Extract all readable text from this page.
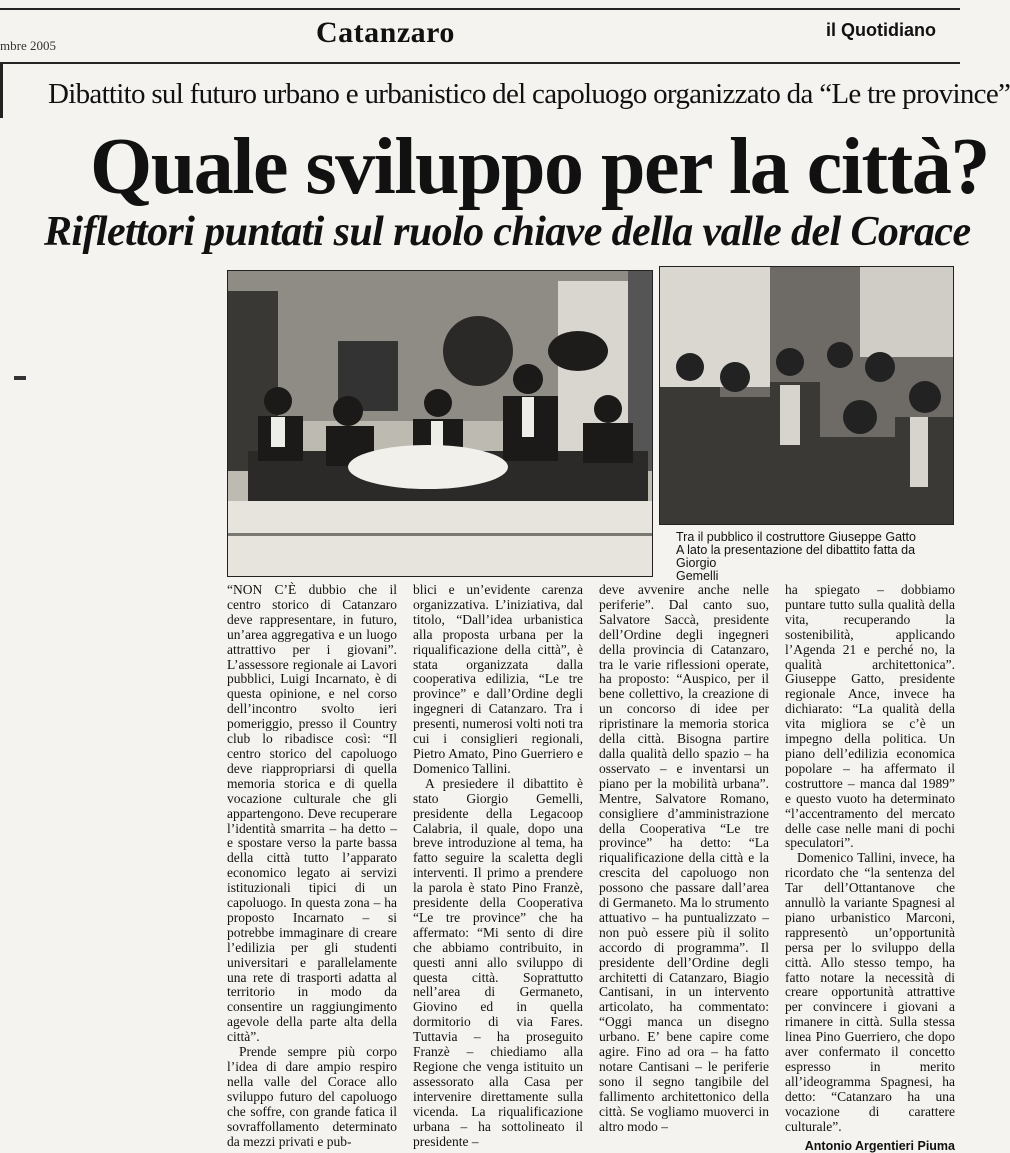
mbre 2005	Catanzaro	il Quotidiano
Dibattito sul futuro urbano e urbanistico del capoluogo organizzato da “Le tre province”
Quale sviluppo per la città?
Riflettori puntati sul ruolo chiave della valle del Corace
Tra il pubblico il costruttore Giuseppe Gatto
A lato la presentazione del dibattito fatta da Giorgio
Gemelli

“NON C’È dubbio che il centro storico di Catanzaro deve rappresentare, in futuro, un’area aggregativa e un luogo attrattivo per i giovani”. L’assessore regionale ai Lavori pubblici, Luigi Incarnato, è di questa opinione, e nel corso dell’incontro svolto ieri pomeriggio, presso il Country club lo ribadisce così: “Il centro storico del capoluogo deve riappropriarsi di quella memoria storica e di quella vocazione culturale che gli appartengono. Deve recuperare l’identità smarrita – ha detto – e spostare verso la parte bassa della città tutto l’apparato economico legato ai servizi istituzionali tipici di un capoluogo. In questa zona – ha proposto Incarnato – si potrebbe immaginare di creare l’edilizia per gli studenti universitari e parallelamente una rete di trasporti adatta al territorio in modo da consentire un raggiungimento agevole della parte alta della città”.

Prende sempre più corpo l’idea di dare ampio respiro nella valle del Corace allo sviluppo futuro del capoluogo che soffre, con grande fatica il sovraffollamento determinato da mezzi privati e pub-

blici e un’evidente carenza organizzativa. L’iniziativa, dal titolo, “Dall’idea urbanistica alla proposta urbana per la riqualificazione della città”, è stata organizzata dalla cooperativa edilizia, “Le tre province” e dall’Ordine degli ingegneri di Catanzaro. Tra i presenti, numerosi volti noti tra cui i consiglieri regionali, Pietro Amato, Pino Guerriero e Domenico Tallini.

A presiedere il dibattito è stato Giorgio Gemelli, presidente della Legacoop Calabria, il quale, dopo una breve introduzione al tema, ha fatto seguire la scaletta degli interventi. Il primo a prendere la parola è stato Pino Franzè, presidente della Cooperativa “Le tre province” che ha affermato: “Mi sento di dire che abbiamo contribuito, in questi anni allo sviluppo di questa città. Soprattutto nell’area di Germaneto, Giovino ed in quella dormitorio di via Fares. Tuttavia – ha proseguito Franzè – chiediamo alla Regione che venga istituito un assessorato alla Casa per intervenire direttamente sulla vicenda. La riqualificazione urbana – ha sottolineato il presidente –

deve avvenire anche nelle periferie”. Dal canto suo, Salvatore Saccà, presidente dell’Ordine degli ingegneri della provincia di Catanzaro, tra le varie riflessioni operate, ha proposto: “Auspico, per il bene collettivo, la creazione di un concorso di idee per ripristinare la memoria storica della città. Bisogna partire dalla qualità dello spazio – ha osservato – e inventarsi un piano per la mobilità urbana”. Mentre, Salvatore Romano, consigliere d’amministrazione della Cooperativa “Le tre province” ha detto: “La riqualificazione della città e la crescita del capoluogo non possono che passare dall’area di Germaneto. Ma lo strumento attuativo – ha puntualizzato – non può essere più il solito accordo di programma”. Il presidente dell’Ordine degli architetti di Catanzaro, Biagio Cantisani, in un intervento articolato, ha commentato: “Oggi manca un disegno urbano. E’ bene capire come agire. Fino ad ora – ha fatto notare Cantisani – le periferie sono il segno tangibile del fallimento architettonico della città. Se vogliamo muoverci in altro modo –

ha spiegato – dobbiamo puntare tutto sulla qualità della vita, recuperando la sostenibilità, applicando l’Agenda 21 e perché no, la qualità architettonica”. Giuseppe Gatto, presidente regionale Ance, invece ha dichiarato: “La qualità della vita migliora se c’è un impegno della politica. Un piano dell’edilizia economica popolare – ha affermato il costruttore – manca dal 1989” e questo vuoto ha determinato “l’accentramento del mercato delle case nelle mani di pochi speculatori”.

Domenico Tallini, invece, ha ricordato che “la sentenza del Tar dell’Ottantanove che annullò la variante Spagnesi al piano urbanistico Marconi, rappresentò un’opportunità persa per lo sviluppo della città. Allo stesso tempo, ha fatto notare la necessità di creare opportunità attrattive per convincere i giovani a rimanere in città. Sulla stessa linea Pino Guerriero, che dopo aver confermato il concetto espresso in merito all’ideogramma Spagnesi, ha detto: “Catanzaro ha una vocazione di carattere culturale”.

Antonio Argentieri Piuma
